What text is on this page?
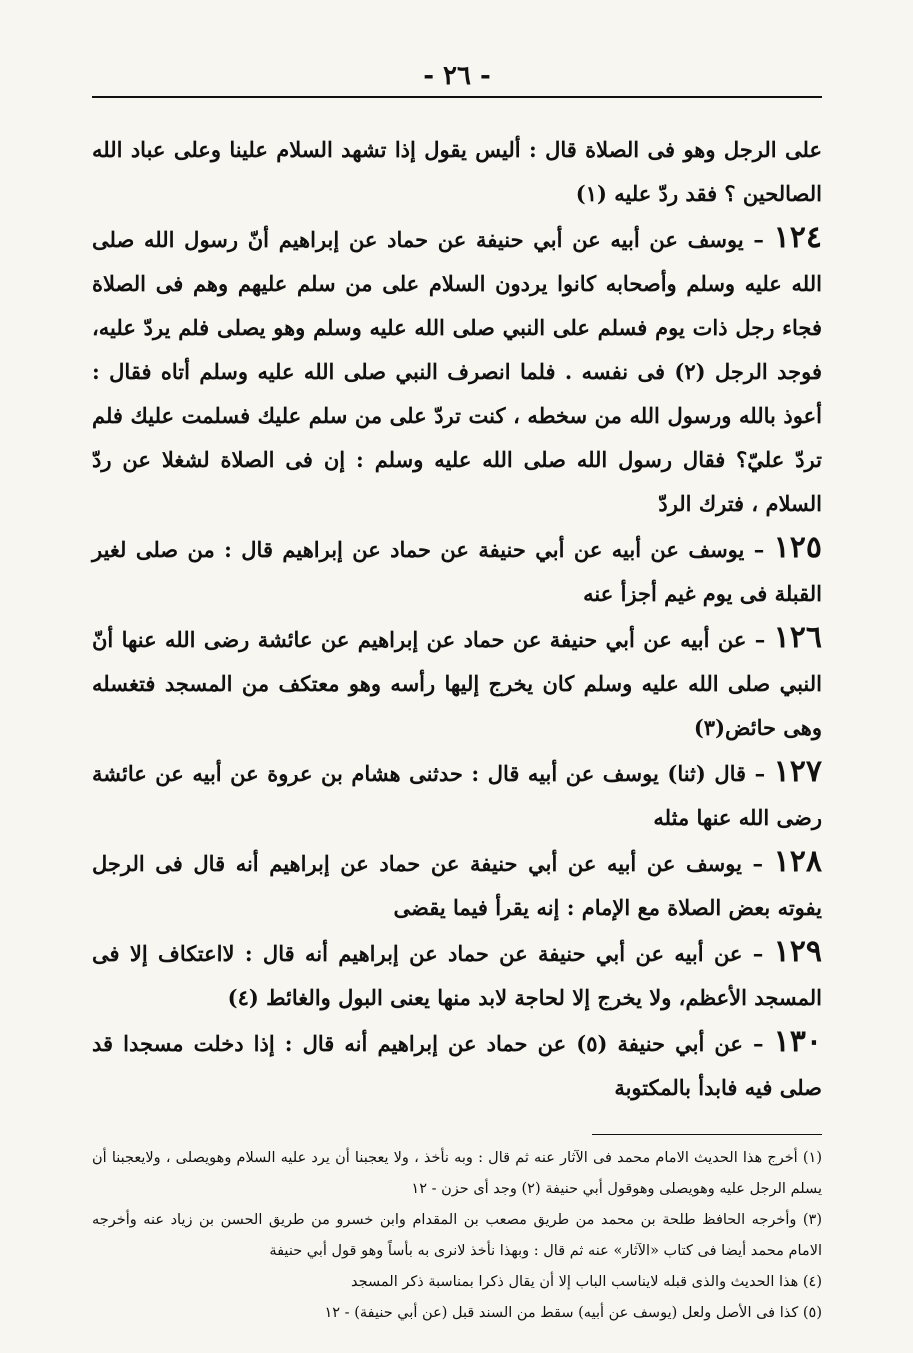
- ٢٦ -

على الرجل وهو فى الصلاة قال : أليس يقول إذا تشهد السلام علينا وعلى عباد الله الصالحين ؟ فقد ردّ عليه (١)

١٢٤ – يوسف عن أبيه عن أبي حنيفة عن حماد عن إبراهيم أنّ رسول الله صلى الله عليه وسلم وأصحابه كانوا يردون السلام على من سلم عليهم وهم فى الصلاة فجاء رجل ذات يوم فسلم على النبي صلى الله عليه وسلم وهو يصلى فلم يردّ عليه، فوجد الرجل (٢) فى نفسه . فلما انصرف النبي صلى الله عليه وسلم أتاه فقال : أعوذ بالله ورسول الله من سخطه ، كنت تردّ على من سلم عليك فسلمت عليك فلم تردّ عليّ؟ فقال رسول الله صلى الله عليه وسلم : إن فى الصلاة لشغلا عن ردّ السلام ، فترك الردّ

١٢٥ – يوسف عن أبيه عن أبي حنيفة عن حماد عن إبراهيم قال : من صلى لغير القبلة فى يوم غيم أجزأ عنه

١٢٦ – عن أبيه عن أبي حنيفة عن حماد عن إبراهيم عن عائشة رضى الله عنها أنّ النبي صلى الله عليه وسلم كان يخرج إليها رأسه وهو معتكف من المسجد فتغسله وهى حائض(٣)

١٢٧ – قال (ثنا) يوسف عن أبيه قال : حدثنى هشام بن عروة عن أبيه عن عائشة رضى الله عنها مثله

١٢٨ – يوسف عن أبيه عن أبي حنيفة عن حماد عن إبراهيم أنه قال فى الرجل يفوته بعض الصلاة مع الإمام : إنه يقرأ فيما يقضى

١٢٩ – عن أبيه عن أبي حنيفة عن حماد عن إبراهيم أنه قال : لااعتكاف إلا فى المسجد الأعظم، ولا يخرج إلا لحاجة لابد منها يعنى البول والغائط (٤)

١٣٠ – عن أبي حنيفة (٥) عن حماد عن إبراهيم أنه قال : إذا دخلت مسجدا قد صلى فيه فابدأ بالمكتوبة

(١) أخرج هذا الحديث الامام محمد فى الآثار عنه ثم قال : وبه نأخذ ، ولا يعجبنا أن يرد عليه السلام وهويصلى ، ولايعجبنا أن يسلم الرجل عليه وهويصلى وهوقول أبي حنيفة (٢) وجد أى حزن - ١٢

(٣) وأخرجه الحافظ طلحة بن محمد من طريق مصعب بن المقدام وابن خسرو من طريق الحسن بن زياد عنه وأخرجه الامام محمد أيضا فى كتاب «الآثار» عنه ثم قال : وبهذا نأخذ لانرى به بأساً وهو قول أبي حنيفة

(٤) هذا الحديث والذى قبله لايناسب الباب إلا أن يقال ذكرا بمناسبة ذكر المسجد

(٥) كذا فى الأصل ولعل (يوسف عن أبيه) سقط من السند قبل (عن أبي حنيفة) - ١٢
